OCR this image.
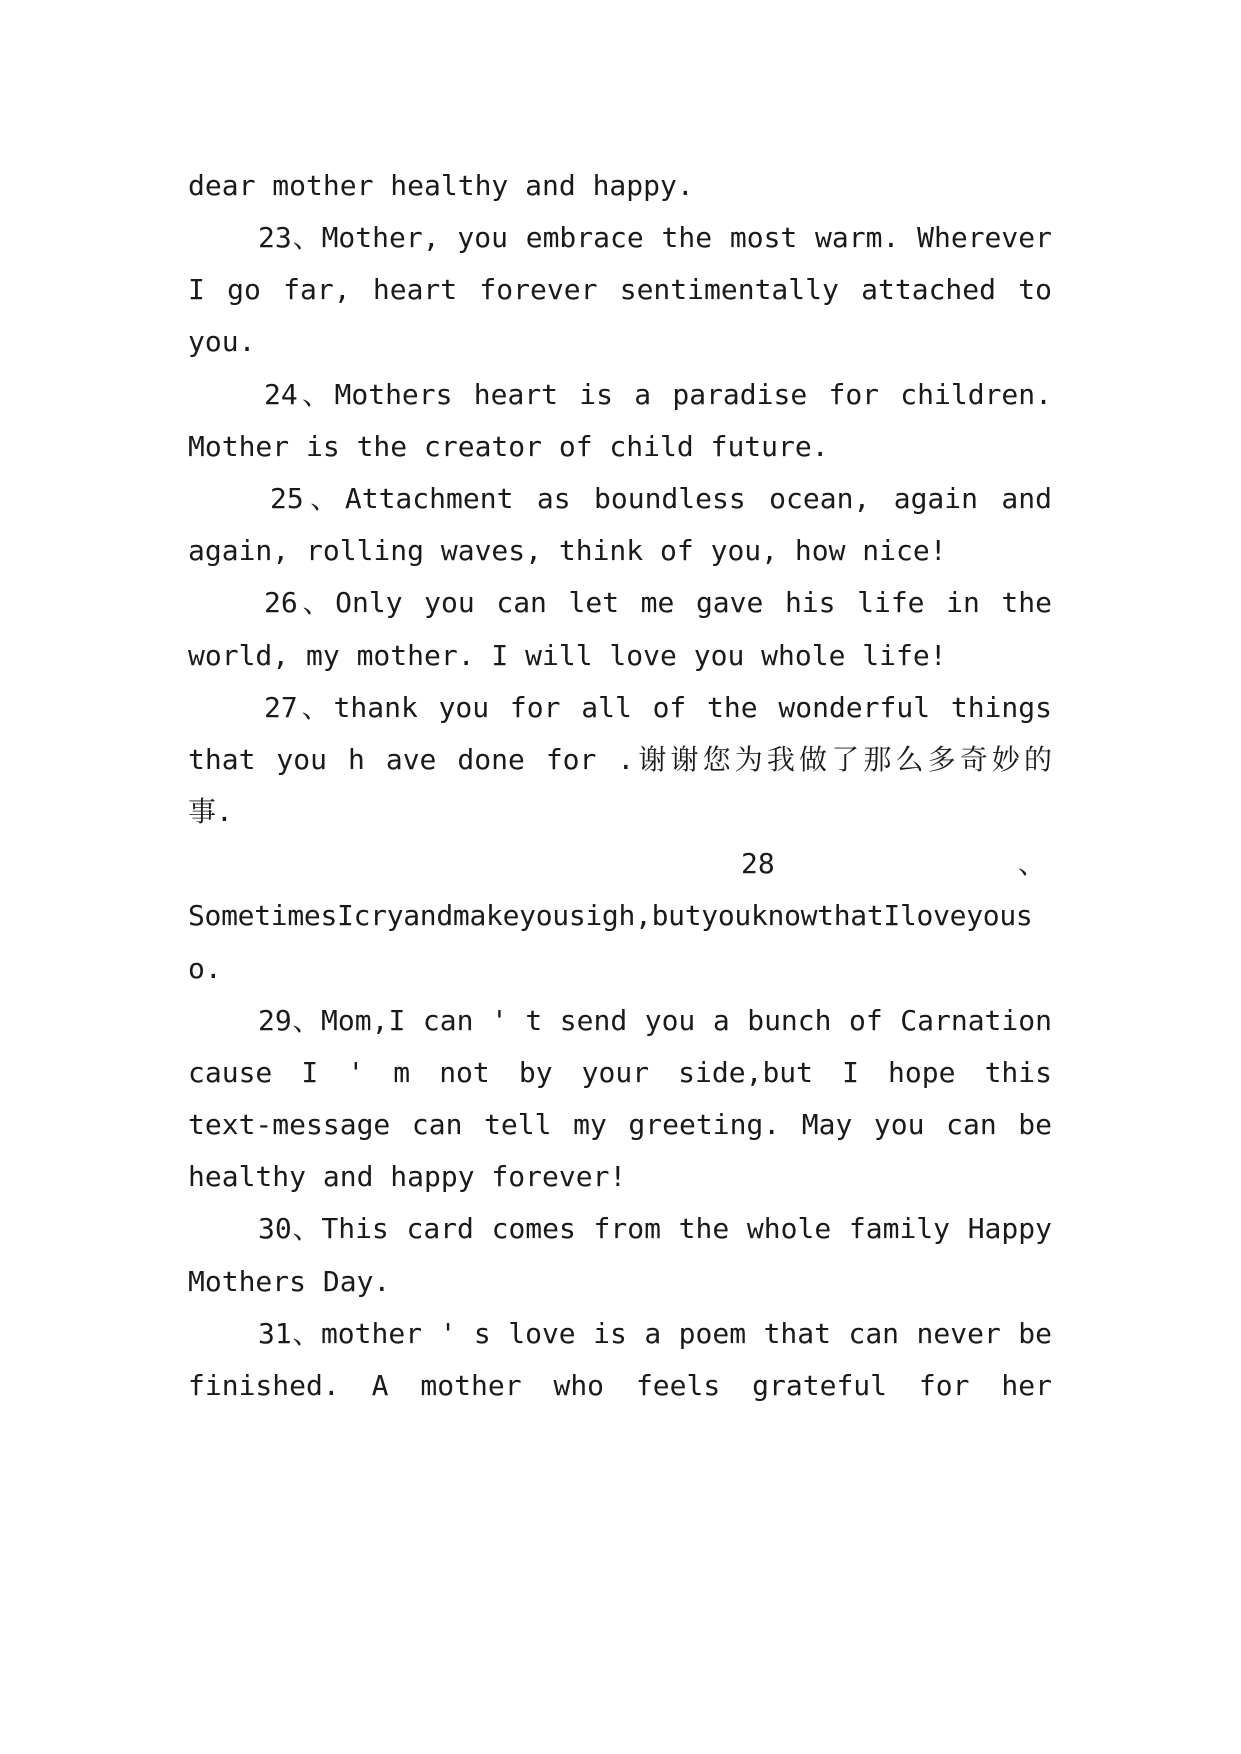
dear mother healthy and happy.
23、Mother, you embrace the most warm. Wherever
I go far, heart forever sentimentally attached to
you.
24、Mothers heart is a paradise for children.
Mother is the creator of child future.
25、Attachment as boundless ocean, again and
again, rolling waves, think of you, how nice!
26、Only you can let me gave his life in the
world, my mother. I will love you whole life!
27、thank you for all of the wonderful things
that you h ave done for .谢谢您为我做了那么多奇妙的
事.
28	、
SometimesIcryandmakeyousigh,butyouknowthatIloveyous
o.
29、Mom,I can ' t send you a bunch of Carnation
cause I ' m not by your side,but I hope this
text-message can tell my greeting. May you can be
healthy and happy forever!
30、This card comes from the whole family Happy
Mothers Day.
31、mother ' s love is a poem that can never be
finished. A mother who feels grateful for her
